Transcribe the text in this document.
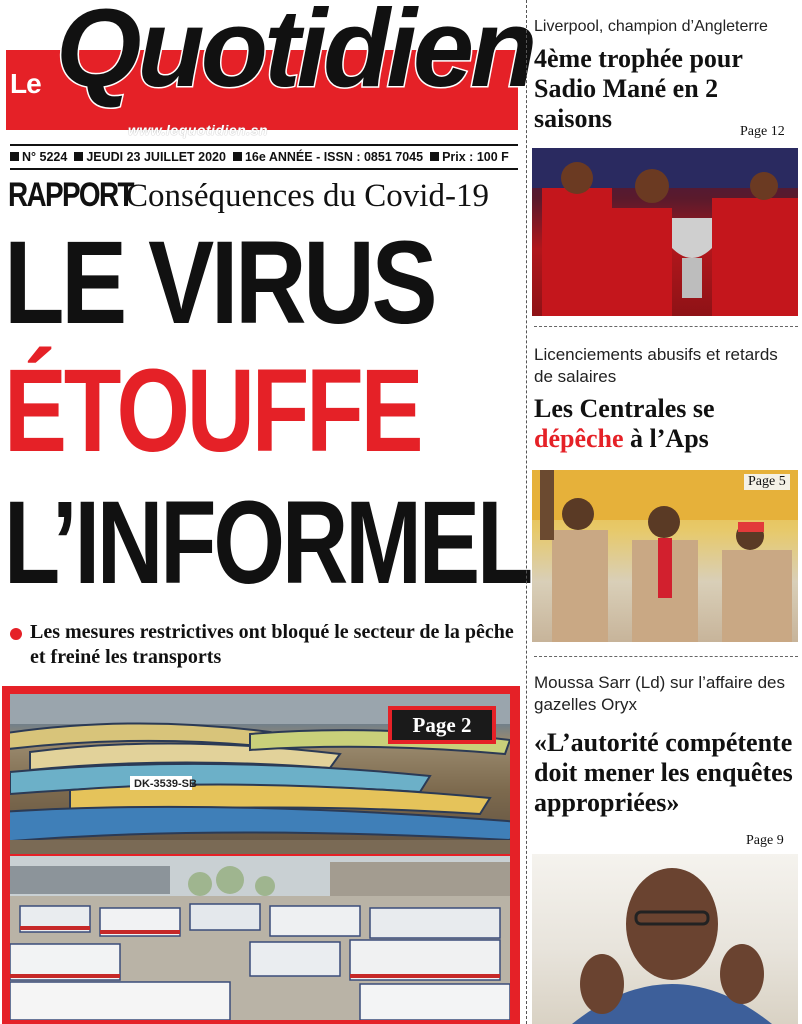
Le Quotidien
www.lequotidien.sn
N° 5224	JEUDI 23 JUILLET 2020	16e ANNÉE - ISSN : 0851 7045	Prix : 100 F
RAPPORT
Conséquences du Covid-19
LE VIRUS
ÉTOUFFE
L’INFORMEL
Les mesures restrictives ont bloqué le secteur de la pêche et freiné les transports
DK-3539-SB
Page 2
Liverpool, champion d’Angleterre
4ème trophée pour Sadio Mané en 2 saisons	Page 12
Licenciements abusifs et retards de salaires
Les Centrales se dépêche à l’Aps
Page 5
Moussa Sarr (Ld) sur l’affaire des gazelles Oryx
«L’autorité compétente doit mener les enquêtes appropriées»
Page 9
